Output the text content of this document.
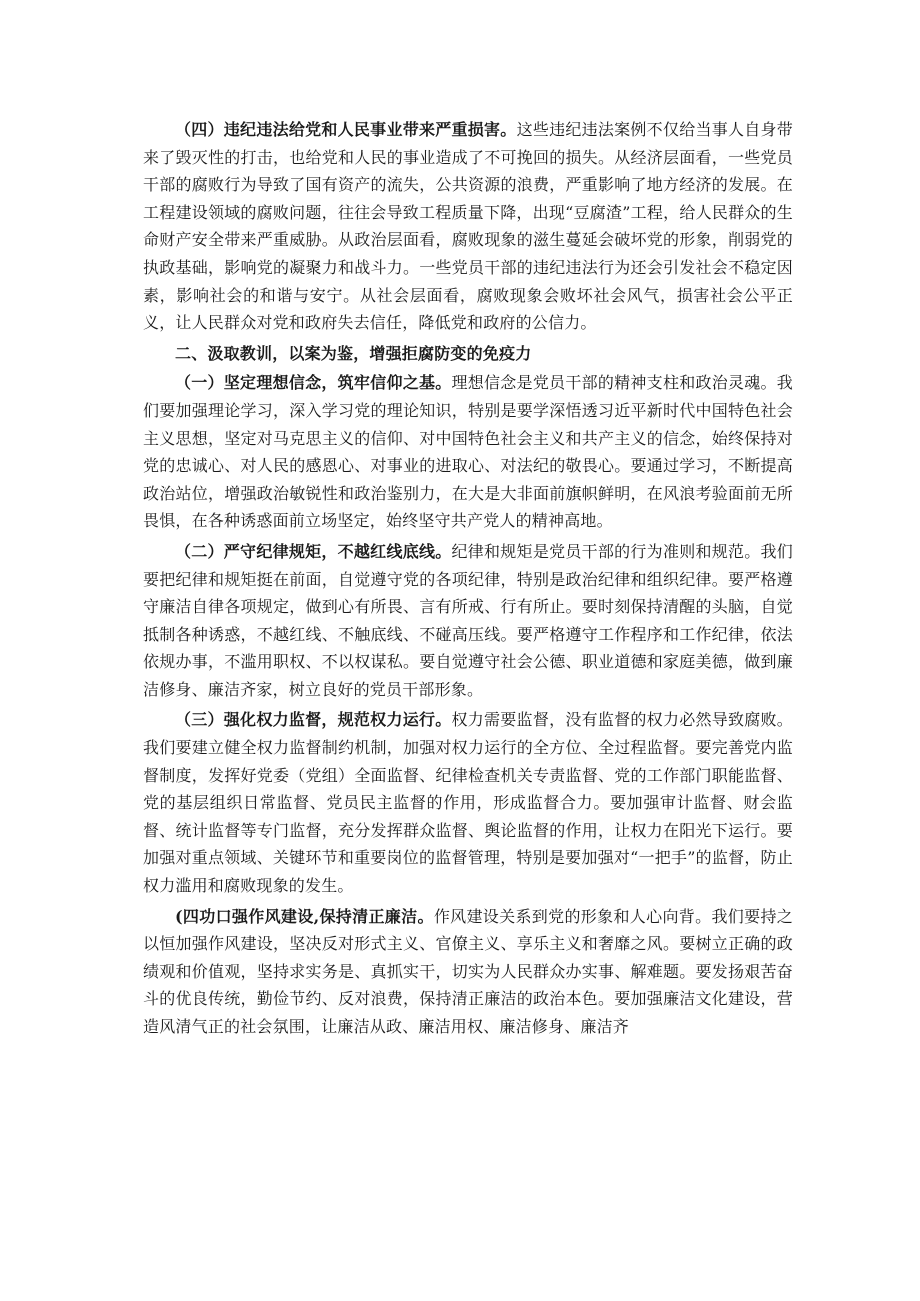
（四）违纪违法给党和人民事业带来严重损害。这些违纪违法案例不仅给当事人自身带来了毁灭性的打击，也给党和人民的事业造成了不可挽回的损失。从经济层面看，一些党员干部的腐败行为导致了国有资产的流失，公共资源的浪费，严重影响了地方经济的发展。在工程建设领域的腐败问题，往往会导致工程质量下降，出现“豆腐渣”工程，给人民群众的生命财产安全带来严重威胁。从政治层面看，腐败现象的滋生蔓延会破坏党的形象，削弱党的执政基础，影响党的凝聚力和战斗力。一些党员干部的违纪违法行为还会引发社会不稳定因素，影响社会的和谐与安宁。从社会层面看，腐败现象会败坏社会风气，损害社会公平正义，让人民群众对党和政府失去信任，降低党和政府的公信力。

二、汲取教训，以案为鉴，增强拒腐防变的免疫力

（一）坚定理想信念，筑牢信仰之基。理想信念是党员干部的精神支柱和政治灵魂。我们要加强理论学习，深入学习党的理论知识，特别是要学深悟透习近平新时代中国特色社会主义思想，坚定对马克思主义的信仰、对中国特色社会主义和共产主义的信念，始终保持对党的忠诚心、对人民的感恩心、对事业的进取心、对法纪的敬畏心。要通过学习，不断提高政治站位，增强政治敏锐性和政治鉴别力，在大是大非面前旗帜鲜明，在风浪考验面前无所畏惧，在各种诱惑面前立场坚定，始终坚守共产党人的精神高地。

（二）严守纪律规矩，不越红线底线。纪律和规矩是党员干部的行为准则和规范。我们要把纪律和规矩挺在前面，自觉遵守党的各项纪律，特别是政治纪律和组织纪律。要严格遵守廉洁自律各项规定，做到心有所畏、言有所戒、行有所止。要时刻保持清醒的头脑，自觉抵制各种诱惑，不越红线、不触底线、不碰高压线。要严格遵守工作程序和工作纪律，依法依规办事，不滥用职权、不以权谋私。要自觉遵守社会公德、职业道德和家庭美德，做到廉洁修身、廉洁齐家，树立良好的党员干部形象。

（三）强化权力监督，规范权力运行。权力需要监督，没有监督的权力必然导致腐败。我们要建立健全权力监督制约机制，加强对权力运行的全方位、全过程监督。要完善党内监督制度，发挥好党委（党组）全面监督、纪律检查机关专责监督、党的工作部门职能监督、党的基层组织日常监督、党员民主监督的作用，形成监督合力。要加强审计监督、财会监督、统计监督等专门监督，充分发挥群众监督、舆论监督的作用，让权力在阳光下运行。要加强对重点领域、关键环节和重要岗位的监督管理，特别是要加强对“一把手”的监督，防止权力滥用和腐败现象的发生。

(四功口强作风建设,保持清正廉洁。作风建设关系到党的形象和人心向背。我们要持之以恒加强作风建设，坚决反对形式主义、官僚主义、享乐主义和奢靡之风。要树立正确的政绩观和价值观，坚持求实务是、真抓实干，切实为人民群众办实事、解难题。要发扬艰苦奋斗的优良传统，勤俭节约、反对浪费，保持清正廉洁的政治本色。要加强廉洁文化建设，营造风清气正的社会氛围，让廉洁从政、廉洁用权、廉洁修身、廉洁齐
